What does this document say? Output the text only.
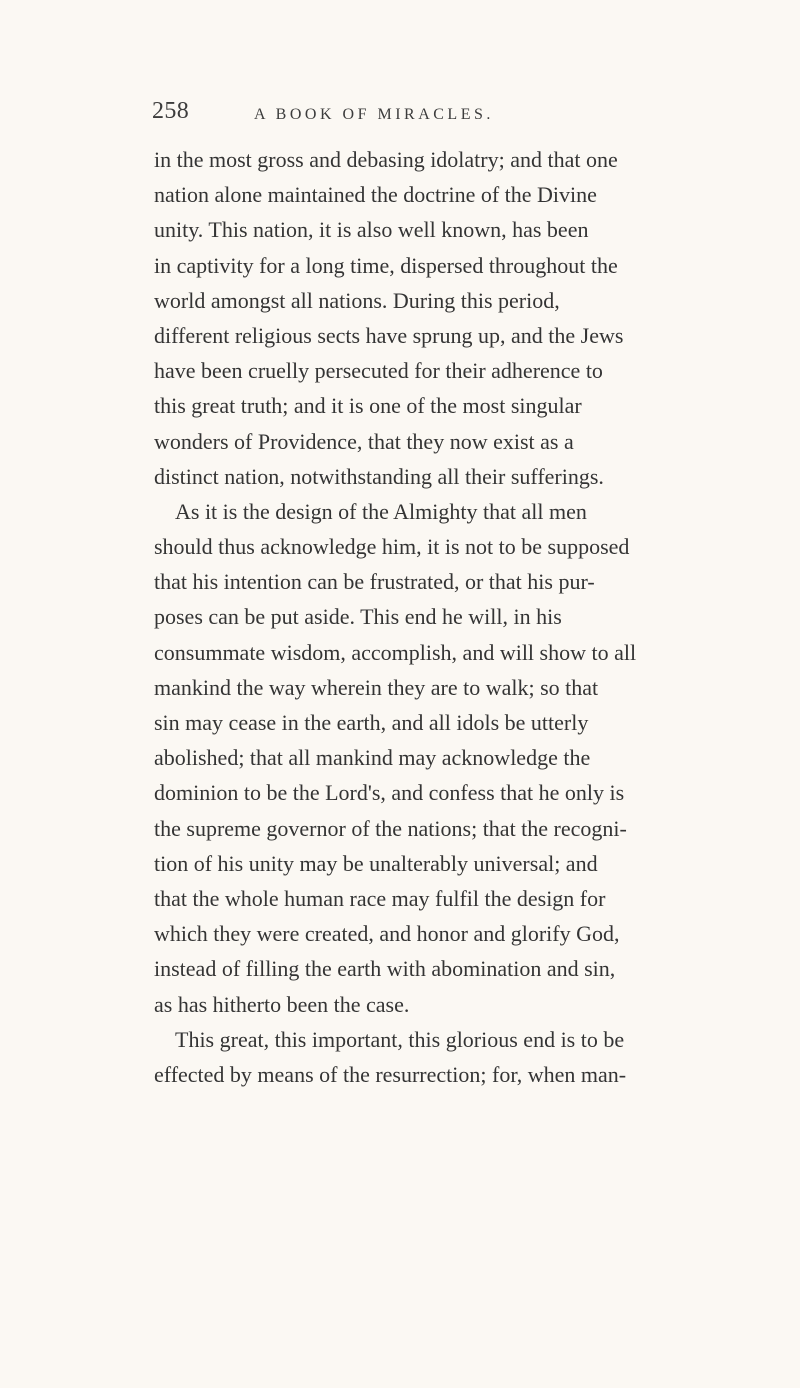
258	A BOOK OF MIRACLES.
in the most gross and debasing idolatry; and that one
nation alone maintained the doctrine of the Divine
unity. This nation, it is also well known, has been
in captivity for a long time, dispersed throughout the
world amongst all nations. During this period,
different religious sects have sprung up, and the Jews
have been cruelly persecuted for their adherence to
this great truth; and it is one of the most singular
wonders of Providence, that they now exist as a
distinct nation, notwithstanding all their sufferings.
As it is the design of the Almighty that all men
should thus acknowledge him, it is not to be supposed
that his intention can be frustrated, or that his pur-
poses can be put aside. This end he will, in his
consummate wisdom, accomplish, and will show to all
mankind the way wherein they are to walk; so that
sin may cease in the earth, and all idols be utterly
abolished; that all mankind may acknowledge the
dominion to be the Lord's, and confess that he only is
the supreme governor of the nations; that the recogni-
tion of his unity may be unalterably universal; and
that the whole human race may fulfil the design for
which they were created, and honor and glorify God,
instead of filling the earth with abomination and sin,
as has hitherto been the case.
This great, this important, this glorious end is to be
effected by means of the resurrection; for, when man-
